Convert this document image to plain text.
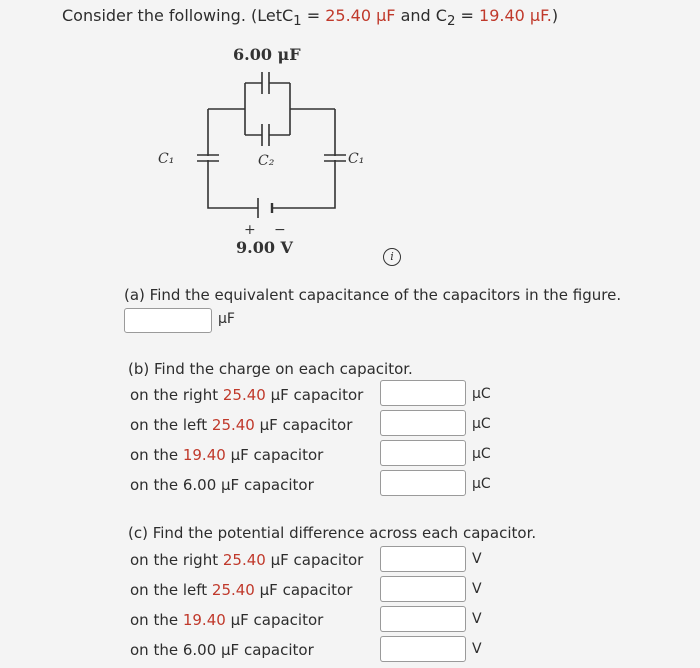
Consider the following. (LetC$_1$ = 25.40 μF and $C_2 = 19.40$ μF.)
6.00 μF
C₁	C₂	C₁
+ −
9.00 V	i
(a) Find the equivalent capacitance of the capacitors in the figure.
μF
(b) Find the charge on each capacitor.
on the right 25.40 μF capacitor	μC
on the left 25.40 μF capacitor	μC
on the 19.40 μF capacitor	μC
on the 6.00 μF capacitor	μC
(c) Find the potential difference across each capacitor.
on the right 25.40 μF capacitor	V
on the left 25.40 μF capacitor	V
on the 19.40 μF capacitor	V
on the 6.00 μF capacitor	V
